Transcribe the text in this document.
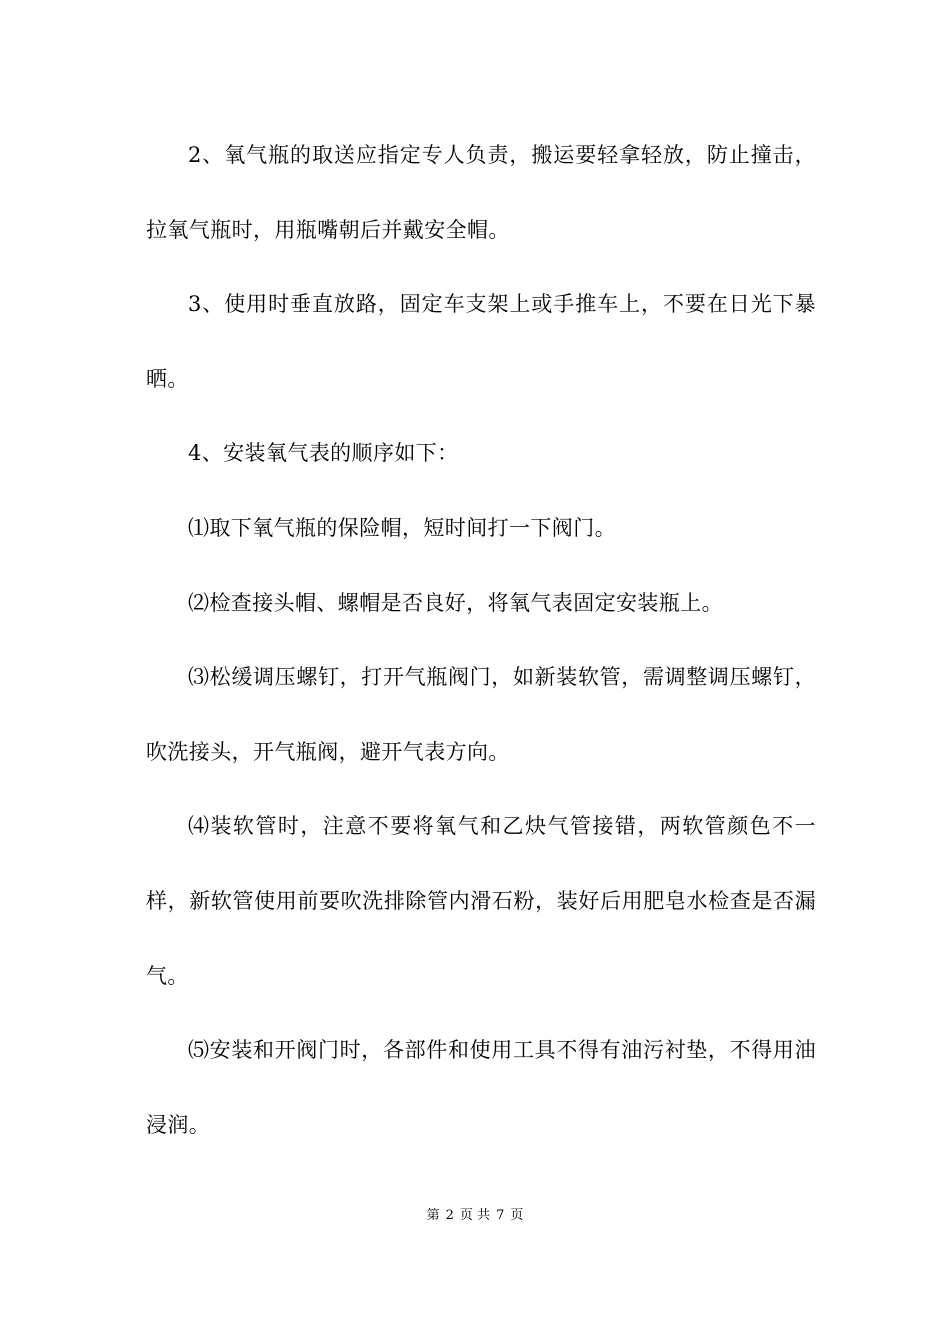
2、氧气瓶的取送应指定专人负责，搬运要轻拿轻放，防止撞击，拉氧气瓶时，用瓶嘴朝后并戴安全帽。

3、使用时垂直放路，固定车支架上或手推车上，不要在日光下暴晒。

4、安装氧气表的顺序如下：

⑴取下氧气瓶的保险帽，短时间打一下阀门。

⑵检查接头帽、螺帽是否良好，将氧气表固定安装瓶上。

⑶松缓调压螺钉，打开气瓶阀门，如新装软管，需调整调压螺钉，吹洗接头，开气瓶阀，避开气表方向。

⑷装软管时，注意不要将氧气和乙炔气管接错，两软管颜色不一样，新软管使用前要吹洗排除管内滑石粉，装好后用肥皂水检查是否漏气。

⑸安装和开阀门时，各部件和使用工具不得有油污衬垫，不得用油浸润。

第 2 页 共 7 页
